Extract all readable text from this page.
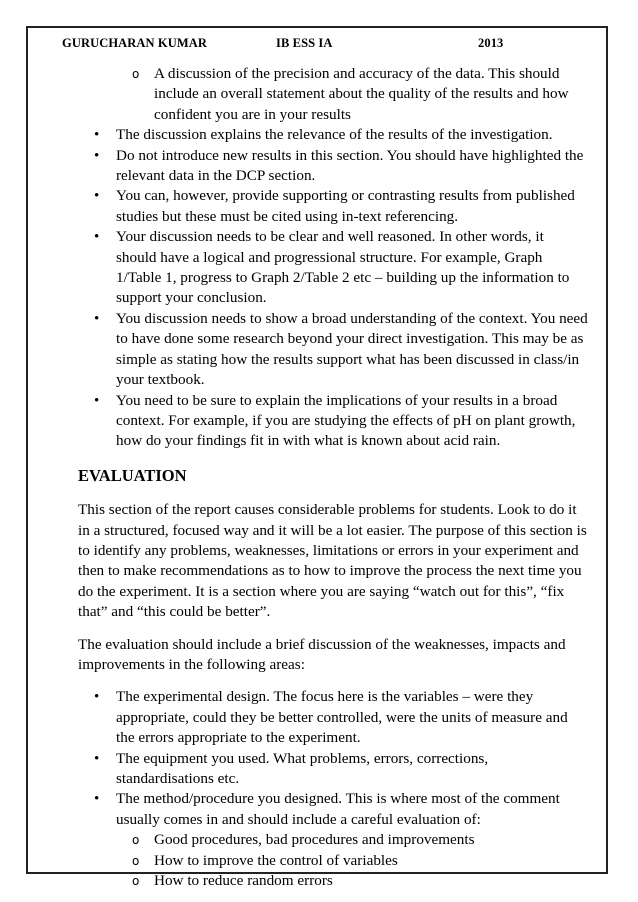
GURUCHARAN KUMAR	IB ESS IA	2013
o A discussion of the precision and accuracy of the data. This should include an overall statement about the quality of the results and how confident you are in your results
• The discussion explains the relevance of the results of the investigation.
• Do not introduce new results in this section. You should have highlighted the relevant data in the DCP section.
• You can, however, provide supporting or contrasting results from published studies but these must be cited using in-text referencing.
• Your discussion needs to be clear and well reasoned. In other words, it should have a logical and progressional structure. For example, Graph 1/Table 1, progress to Graph 2/Table 2 etc – building up the information to support your conclusion.
• You discussion needs to show a broad understanding of the context. You need to have done some research beyond your direct investigation. This may be as simple as stating how the results support what has been discussed in class/in your textbook.
• You need to be sure to explain the implications of your results in a broad context. For example, if you are studying the effects of pH on plant growth, how do your findings fit in with what is known about acid rain.
EVALUATION

This section of the report causes considerable problems for students. Look to do it in a structured, focused way and it will be a lot easier. The purpose of this section is to identify any problems, weaknesses, limitations or errors in your experiment and then to make recommendations as to how to improve the process the next time you do the experiment. It is a section where you are saying “watch out for this”, “fix that” and “this could be better”.

The evaluation should include a brief discussion of the weaknesses, impacts and improvements in the following areas:

• The experimental design. The focus here is the variables – were they appropriate, could they be better controlled, were the units of measure and the errors appropriate to the experiment.
• The equipment you used. What problems, errors, corrections, standardisations etc.
• The method/procedure you designed. This is where most of the comment usually comes in and should include a careful evaluation of:
o Good procedures, bad procedures and improvements
o How to improve the control of variables
o How to reduce random errors
